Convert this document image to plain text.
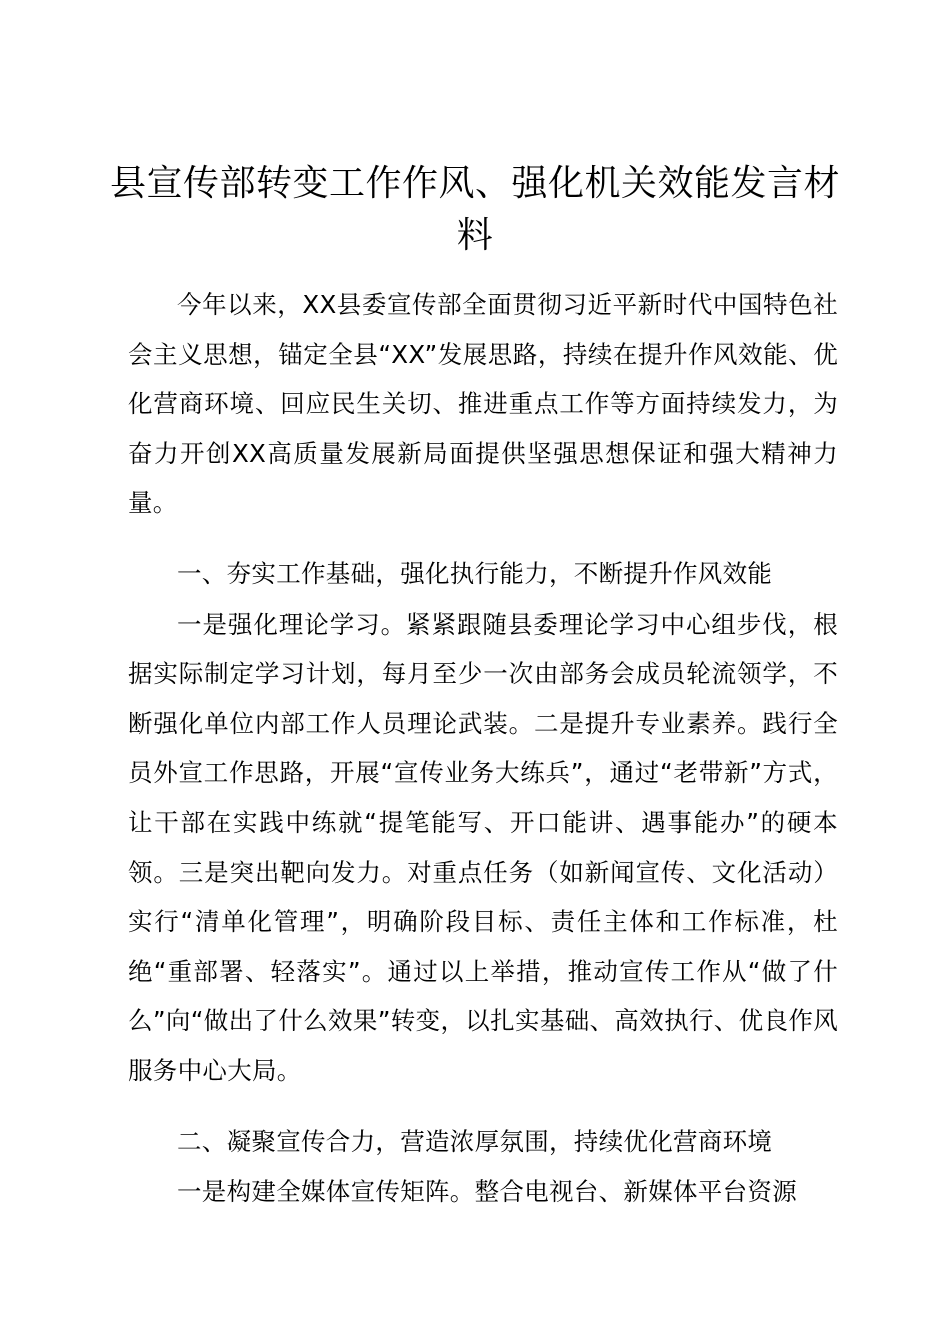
县宣传部转变工作作风、强化机关效能发言材料

今年以来，XX县委宣传部全面贯彻习近平新时代中国特色社会主义思想，锚定全县“XX”发展思路，持续在提升作风效能、优化营商环境、回应民生关切、推进重点工作等方面持续发力，为奋力开创XX高质量发展新局面提供坚强思想保证和强大精神力量。

一、夯实工作基础，强化执行能力，不断提升作风效能

一是强化理论学习。紧紧跟随县委理论学习中心组步伐，根据实际制定学习计划，每月至少一次由部务会成员轮流领学，不断强化单位内部工作人员理论武装。二是提升专业素养。践行全员外宣工作思路，开展“宣传业务大练兵”，通过“老带新”方式，让干部在实践中练就“提笔能写、开口能讲、遇事能办”的硬本领。三是突出靶向发力。对重点任务（如新闻宣传、文化活动）实行“清单化管理”，明确阶段目标、责任主体和工作标准，杜绝“重部署、轻落实”。通过以上举措，推动宣传工作从“做了什么”向“做出了什么效果”转变，以扎实基础、高效执行、优良作风服务中心大局。

二、凝聚宣传合力，营造浓厚氛围，持续优化营商环境

一是构建全媒体宣传矩阵。整合电视台、新媒体平台资源
